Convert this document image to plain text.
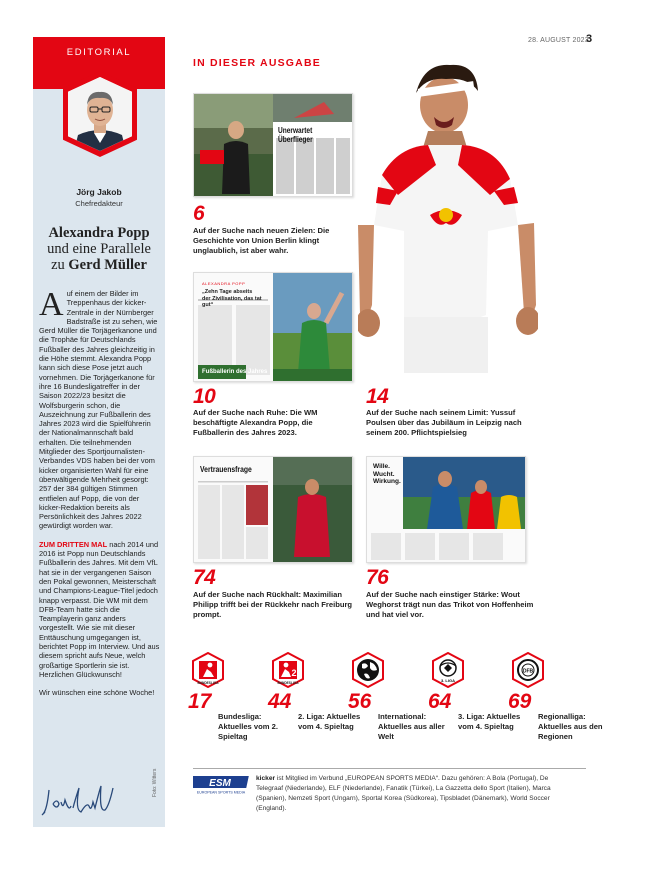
28. AUGUST 2023
3
EDITORIAL
Jörg Jakob
Chefredakteur
Alexandra Popp
und eine Parallele
zu Gerd Müller

Auf einem der Bilder im Treppenhaus der kicker-Zentrale in der Nürnberger Badstraße ist zu sehen, wie Gerd Müller die Torjägerkanone und die Trophäe für Deutschlands Fußballer des Jahres gleichzeitig in die Höhe stemmt. Alexandra Popp kann sich diese Pose jetzt auch vornehmen. Die Torjägerkanone für ihre 16 Bundesligatreffer in der Saison 2022/23 besitzt die Wolfsburgerin schon, die Auszeichnung zur Fußballerin des Jahres 2023 wird die Spielführerin der Nationalmannschaft bald erhalten. Die teilnehmenden Mitglieder des Sportjournalisten-Verbandes VDS haben bei der vom kicker organisierten Wahl für eine überwältigende Mehrheit gesorgt: 257 der 384 gültigen Stimmen entfielen auf Popp, die von der kicker-Redaktion bereits als Persönlichkeit des Jahres 2022 gewürdigt worden war.

ZUM DRITTEN MAL nach 2014 und 2016 ist Popp nun Deutschlands Fußballerin des Jahres. Mit dem VfL hat sie in der vergangenen Saison den Pokal gewonnen, Meisterschaft und Champions-League-Titel jedoch knapp verpasst. Die WM mit dem DFB-Team hatte sich die Teamplayerin ganz anders vorgestellt. Wie sie mit dieser Enttäuschung umgegangen ist, berichtet Popp im Interview. Und aus diesem spricht aufs Neue, welch großartige Sportlerin sie ist. Herzlichen Glückwunsch!

Wir wünschen eine schöne Woche!

Foto: Witters
IN DIESER AUSGABE
Unerwartet Überflieger
6
Auf der Suche nach neuen Zielen: Die Geschichte von Union Berlin klingt unglaublich, ist aber wahr.
ALEXANDRA POPP
„Zehn Tage abseits der Zivilisation, das tat gut“
Fußballerin des Jahres
10
Auf der Suche nach Ruhe: Die WM beschäftigte Alexandra Popp, die Fußballerin des Jahres 2023.
14
Auf der Suche nach seinem Limit: Yussuf Poulsen über das Jubiläum in Leipzig nach seinem 200. Pflichtspielsieg
Vertrauensfrage
74
Auf der Suche nach Rückhalt: Maximilian Philipp trifft bei der Rückkehr nach Freiburg prompt.
Wille. Wucht. Wirkung.
76
Auf der Suche nach einstiger Stärke: Wout Weghorst trägt nun das Trikot von Hoffenheim und hat viel vor.
BUNDESLIGA
17
Bundesliga: Aktuelles vom 2. Spieltag
2
BUNDESLIGA
44
2. Liga: Aktuelles vom 4. Spieltag
56
International: Aktuelles aus aller Welt
3. LIGA
64
3. Liga: Aktuelles vom 4. Spieltag
DFB
69
Regionalliga: Aktuelles aus den Regionen
ESM
EUROPEAN SPORTS MEDIA
kicker ist Mitglied im Verbund „EUROPEAN SPORTS MEDIA“. Dazu gehören: A Bola (Portugal), De Telegraaf (Niederlande), ELF (Niederlande), Fanatik (Türkei), La Gazzetta dello Sport (Italien), Marca (Spanien), Nemzeti Sport (Ungarn), Sportal Korea (Südkorea), Tipsbladet (Dänemark), World Soccer (England).
